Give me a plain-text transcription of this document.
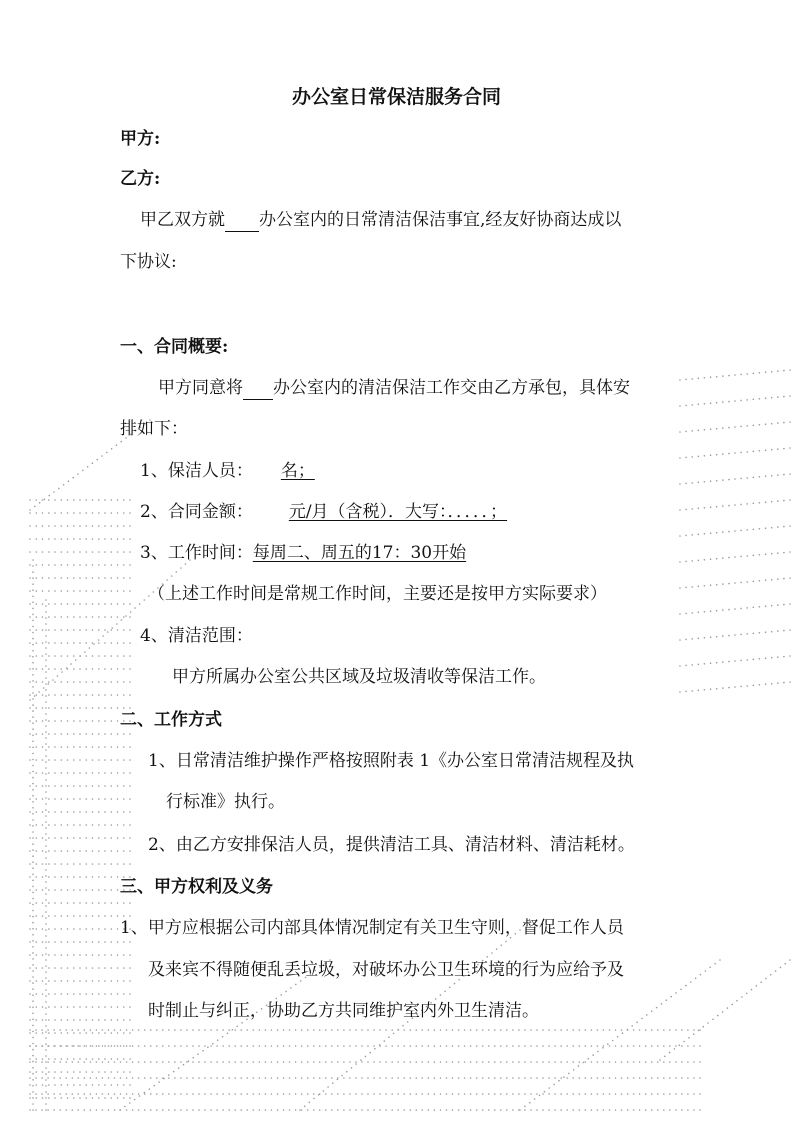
办公室日常保洁服务合同
甲方:
乙方:
甲乙双方就 办公室内的日常清洁保洁事宜,经友好协商达成以
下协议:
一、合同概要:
甲方同意将 办公室内的清洁保洁工作交由乙方承包，具体安
排如下：
1、保洁人员： 名；
2、合同金额： 元/月（含税）．大写：．．．．．；
3、工作时间：每周二、周五的17：30开始
（上述工作时间是常规工作时间，主要还是按甲方实际要求）
4、清洁范围：
甲方所属办公室公共区域及垃圾清收等保洁工作。
二、工作方式
1、日常清洁维护操作严格按照附表 1《办公室日常清洁规程及执
行标准》执行。
2、由乙方安排保洁人员，提供清洁工具、清洁材料、清洁耗材。
三、甲方权利及义务
1、甲方应根据公司内部具体情况制定有关卫生守则，督促工作人员
及来宾不得随便乱丢垃圾，对破坏办公卫生环境的行为应给予及
时制止与纠正，协助乙方共同维护室内外卫生清洁。
